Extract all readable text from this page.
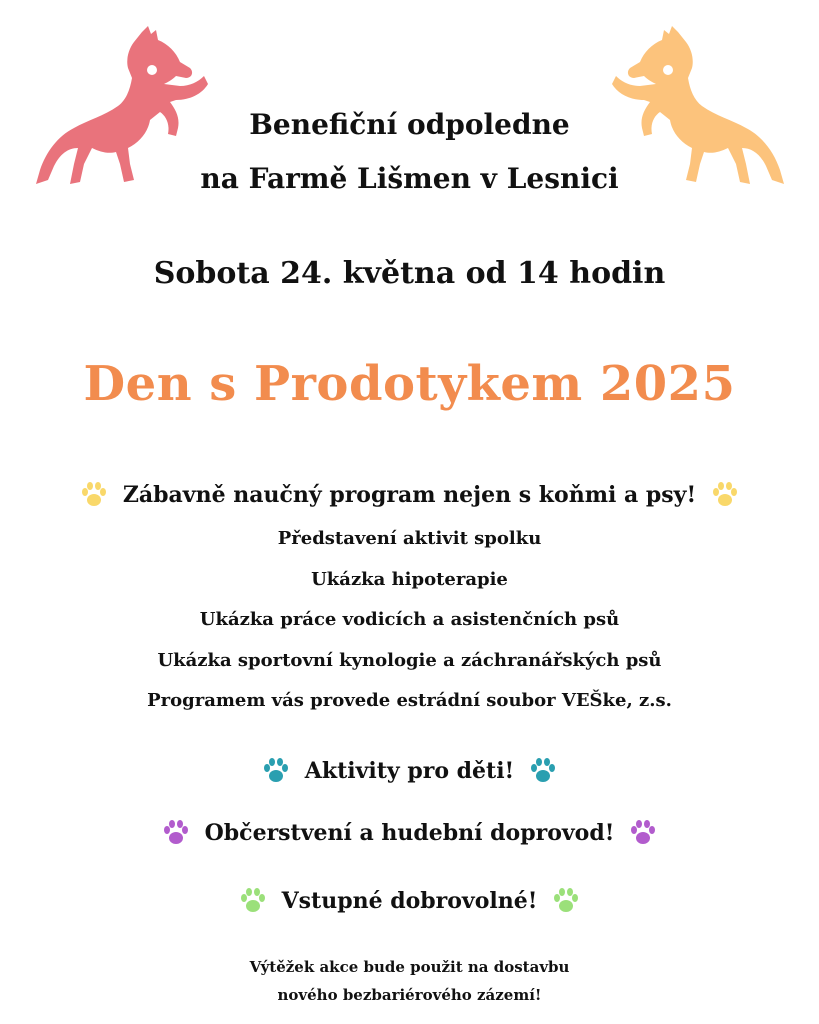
Benefiční odpoledne
na Farmě Lišmen v Lesnici
Sobota 24. května od 14 hodin
Den s Prodotykem 2025
Zábavně naučný program nejen s koňmi a psy!
Představení aktivit spolku
Ukázka hipoterapie
Ukázka práce vodicích a asistenčních psů
Ukázka sportovní kynologie a záchranářských psů
Programem vás provede estrádní soubor VEŠke, z.s.
Aktivity pro děti!
Občerstvení a hudební doprovod!
Vstupné dobrovolné!
Výtěžek akce bude použit na dostavbu
nového bezbariérového zázemí!
